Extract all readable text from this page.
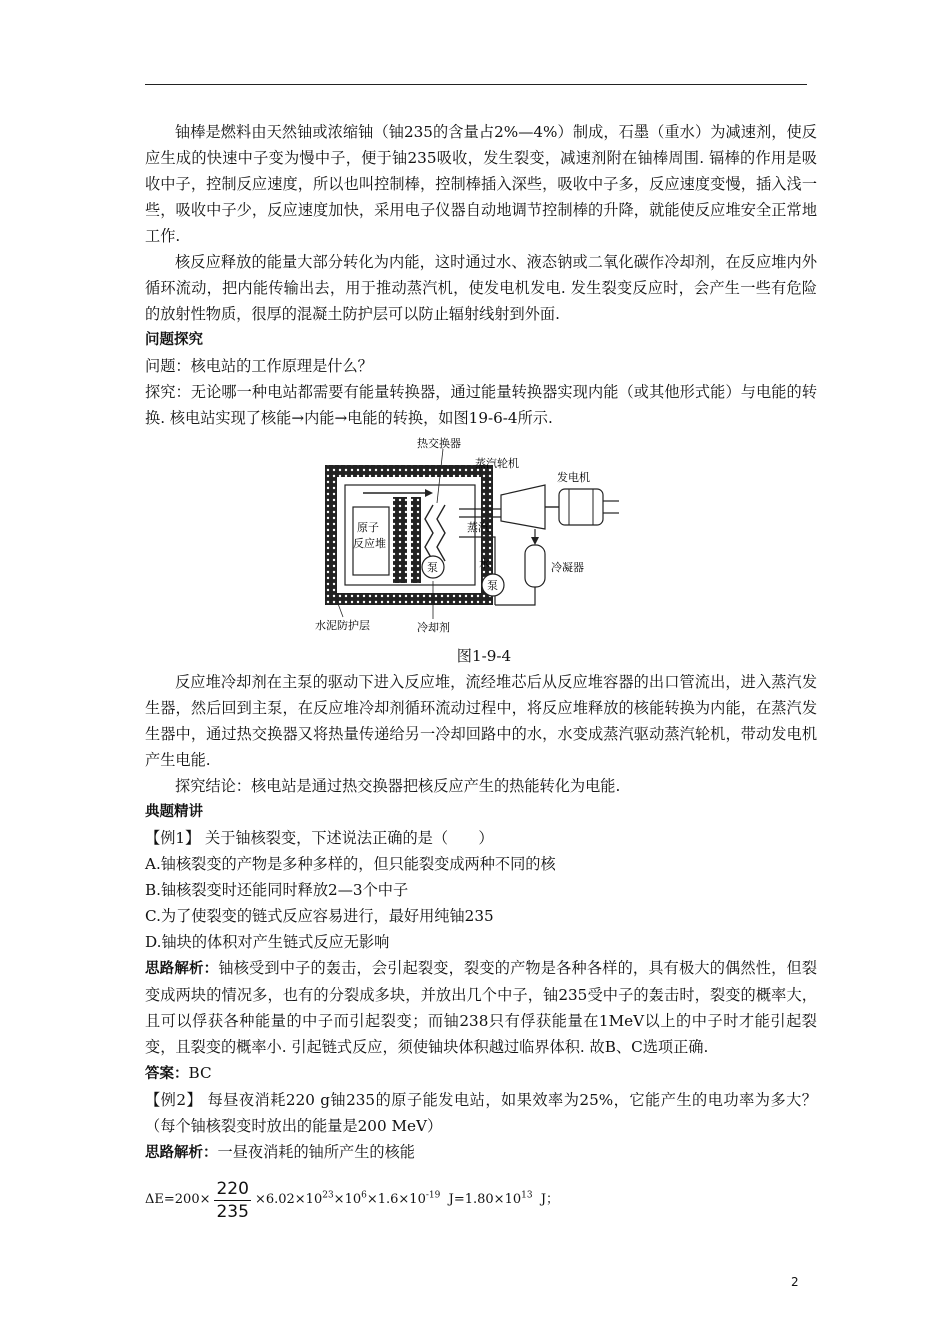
铀棒是燃料由天然铀或浓缩铀（铀235的含量占2%—4%）制成，石墨（重水）为减速剂，使反应生成的快速中子变为慢中子，便于铀235吸收，发生裂变，减速剂附在铀棒周围. 镉棒的作用是吸收中子，控制反应速度，所以也叫控制棒，控制棒插入深些，吸收中子多，反应速度变慢，插入浅一些，吸收中子少，反应速度加快，采用电子仪器自动地调节控制棒的升降，就能使反应堆安全正常地工作.

核反应释放的能量大部分转化为内能，这时通过水、液态钠或二氧化碳作冷却剂，在反应堆内外循环流动，把内能传输出去，用于推动蒸汽机，使发电机发电. 发生裂变反应时，会产生一些有危险的放射性物质，很厚的混凝土防护层可以防止辐射线射到外面.

问题探究

问题：核电站的工作原理是什么？

探究：无论哪一种电站都需要有能量转换器，通过能量转换器实现内能（或其他形式能）与电能的转换. 核电站实现了核能→内能→电能的转换，如图19-6-4所示.

泵
泵
热交换器
蒸汽轮机
发电机
原子
反应堆
蒸汽
水	冷凝器
水泥防护层	冷却剂

图1-9-4

反应堆冷却剂在主泵的驱动下进入反应堆，流经堆芯后从反应堆容器的出口管流出，进入蒸汽发生器，然后回到主泵，在反应堆冷却剂循环流动过程中，将反应堆释放的核能转换为内能，在蒸汽发生器中，通过热交换器又将热量传递给另一冷却回路中的水，水变成蒸汽驱动蒸汽轮机，带动发电机产生电能.

探究结论：核电站是通过热交换器把核反应产生的热能转化为电能.

典题精讲

【例1】 关于铀核裂变，下述说法正确的是（　　）

A.铀核裂变的产物是多种多样的，但只能裂变成两种不同的核

B.铀核裂变时还能同时释放2—3个中子

C.为了使裂变的链式反应容易进行，最好用纯铀235

D.铀块的体积对产生链式反应无影响

思路解析：铀核受到中子的轰击，会引起裂变，裂变的产物是各种各样的，具有极大的偶然性，但裂变成两块的情况多，也有的分裂成多块，并放出几个中子，铀235受中子的轰击时，裂变的概率大，且可以俘获各种能量的中子而引起裂变；而铀238只有俘获能量在1MeV以上的中子时才能引起裂变，且裂变的概率小. 引起链式反应，须使铀块体积越过临界体积. 故B、C选项正确.

答案：BC

【例2】 每昼夜消耗220 g铀235的原子能发电站，如果效率为25%，它能产生的电功率为多大？（每个铀核裂变时放出的能量是200 MeV）

思路解析：一昼夜消耗的铀所产生的核能

$\Delta E=200\times \frac{220}{235} \times 6.02\times 10^{23}\times 10^6\times 1.6\times 10^{-19}$ $J=1.80\times 10^{13}$ J；
2
